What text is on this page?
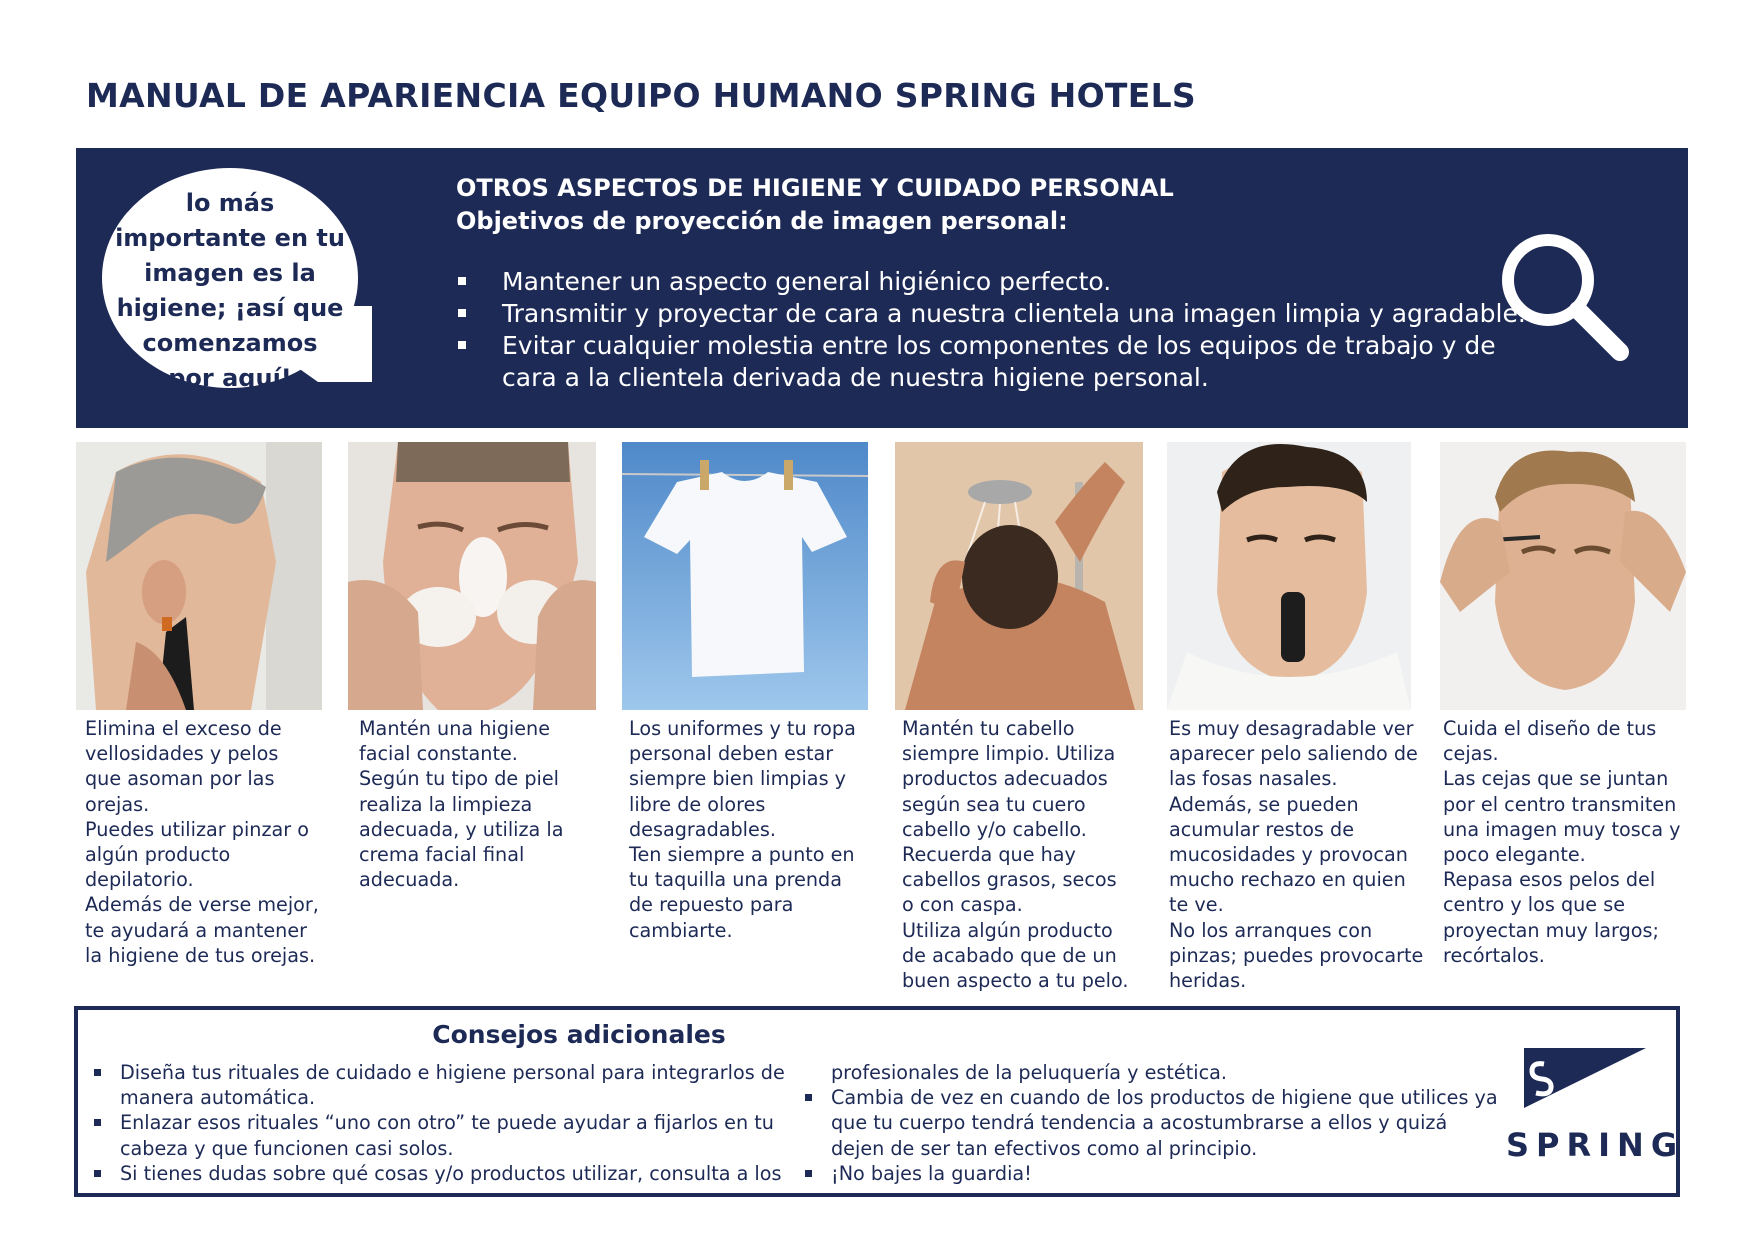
MANUAL DE APARIENCIA EQUIPO HUMANO SPRING HOTELS
lo más
importante en tu
imagen es la
higiene; ¡así que
comenzamos
por aquí!
OTROS ASPECTOS DE HIGIENE Y CUIDADO PERSONAL
Objetivos de proyección de imagen personal:
Mantener un aspecto general higiénico perfecto.
Transmitir y proyectar de cara a nuestra clientela una imagen limpia y agradable.
Evitar cualquier molestia entre los componentes de los equipos de trabajo y de
cara a la clientela derivada de nuestra higiene personal.
Elimina el exceso de
vellosidades y pelos
que asoman por las
orejas.
Puedes utilizar pinzar o
algún producto
depilatorio.
Además de verse mejor,
te ayudará a mantener
la higiene de tus orejas.
Mantén una higiene
facial constante.
Según tu tipo de piel
realiza la limpieza
adecuada, y utiliza la
crema facial final
adecuada.
Los uniformes y tu ropa
personal deben estar
siempre bien limpias y
libre de olores
desagradables.
Ten siempre a punto en
tu taquilla una prenda
de repuesto para
cambiarte.
Mantén tu cabello
siempre limpio. Utiliza
productos adecuados
según sea tu cuero
cabello y/o cabello.
Recuerda que hay
cabellos grasos, secos
o con caspa.
Utiliza algún producto
de acabado que de un
buen aspecto a tu pelo.
Es muy desagradable ver
aparecer pelo saliendo de
las fosas nasales.
Además, se pueden
acumular restos de
mucosidades y provocan
mucho rechazo en quien
te ve.
No los arranques con
pinzas; puedes provocarte
heridas.
Cuida el diseño de tus
cejas.
Las cejas que se juntan
por el centro transmiten
una imagen muy tosca y
poco elegante.
Repasa esos pelos del
centro y los que se
proyectan muy largos;
recórtalos.
Consejos adicionales
Diseña tus rituales de cuidado e higiene personal para integrarlos de
manera automática.
Enlazar esos rituales “uno con otro” te puede ayudar a fijarlos en tu
cabeza y que funcionen casi solos.
Si tienes dudas sobre qué cosas y/o productos utilizar, consulta a los
profesionales de la peluquería y estética.
Cambia de vez en cuando de los productos de higiene que utilices ya
que tu cuerpo tendrá tendencia a acostumbrarse a ellos y quizá
dejen de ser tan efectivos como al principio.
¡No bajes la guardia!
SPRING
